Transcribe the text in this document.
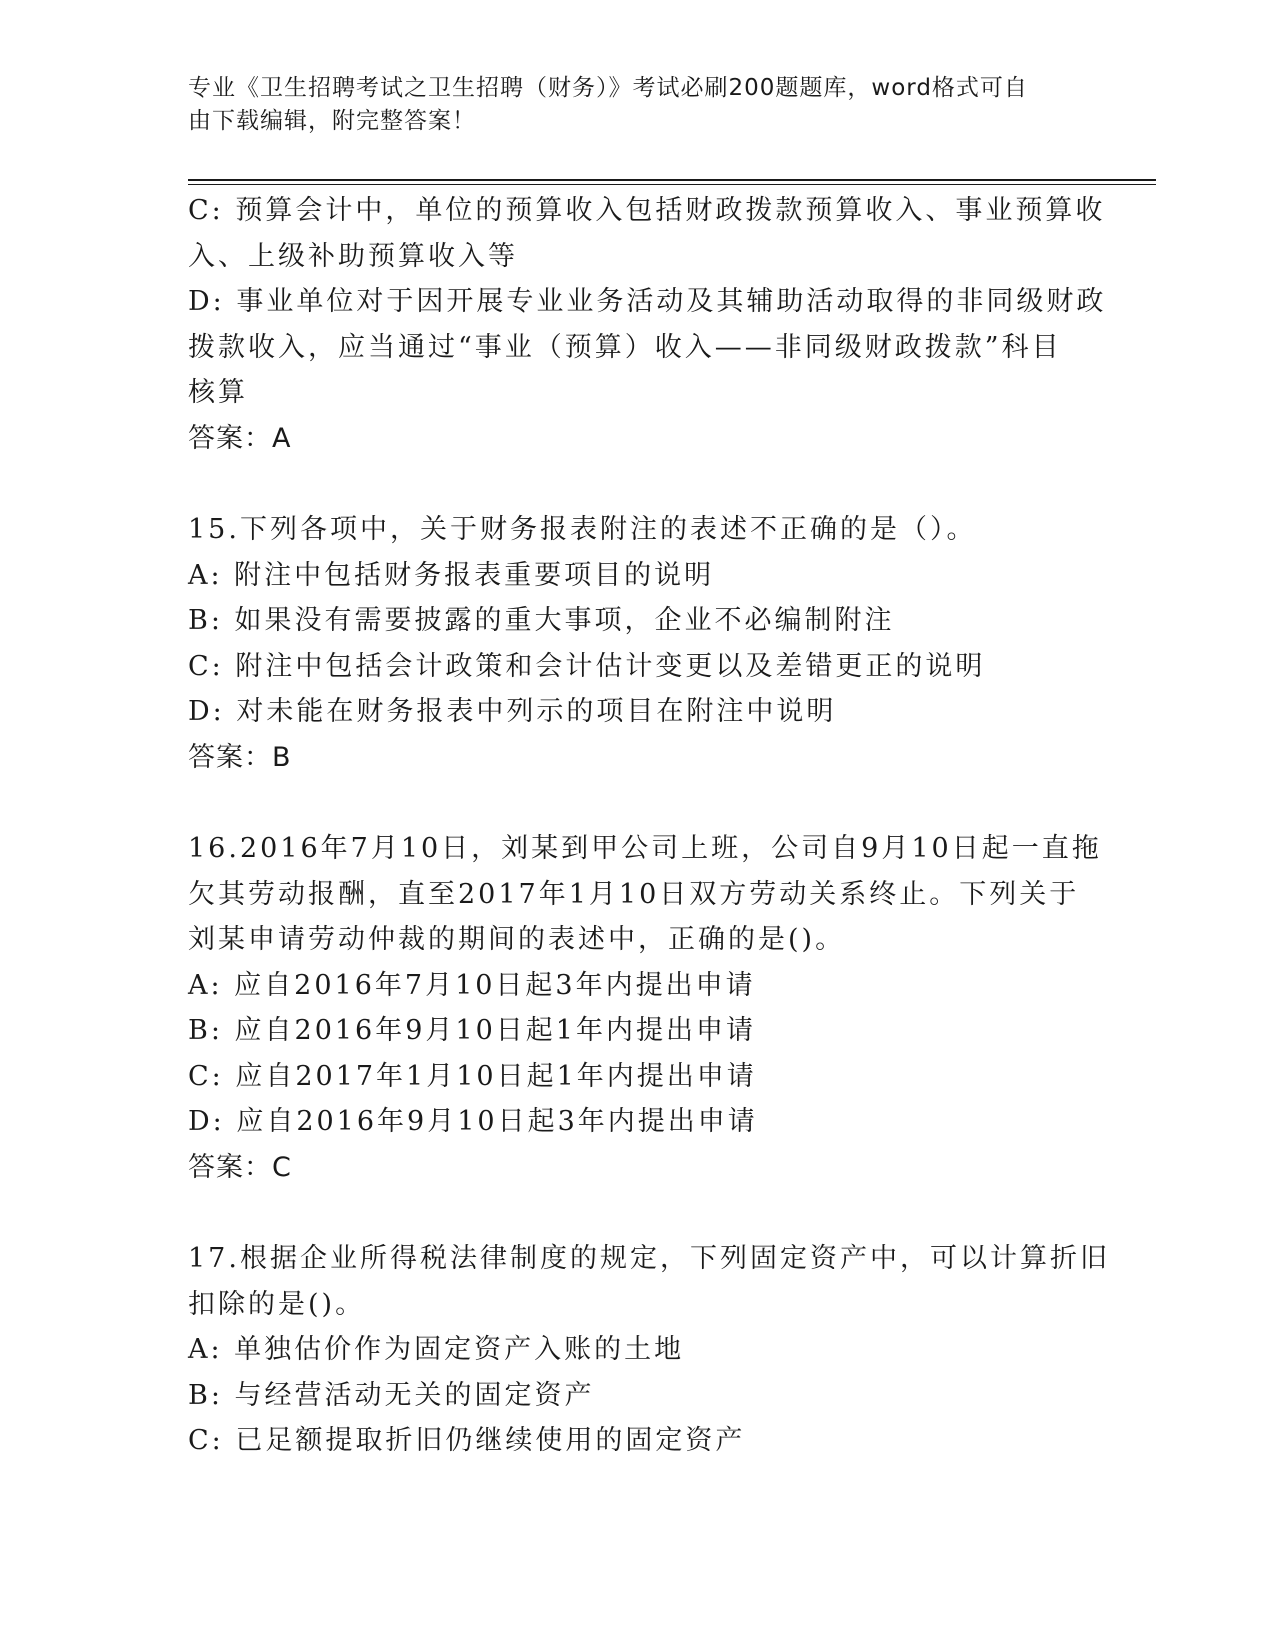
专业《卫生招聘考试之卫生招聘（财务）》考试必刷200题题库，word格式可自
由下载编辑，附完整答案！
C: 预算会计中，单位的预算收入包括财政拨款预算收入、事业预算收
入、上级补助预算收入等
D: 事业单位对于因开展专业业务活动及其辅助活动取得的非同级财政
拨款收入，应当通过“事业（预算）收入——非同级财政拨款”科目
核算
答案：A
15.下列各项中，关于财务报表附注的表述不正确的是（）。
A: 附注中包括财务报表重要项目的说明
B: 如果没有需要披露的重大事项，企业不必编制附注
C: 附注中包括会计政策和会计估计变更以及差错更正的说明
D: 对未能在财务报表中列示的项目在附注中说明
答案：B
16.2016年7月10日，刘某到甲公司上班，公司自9月10日起一直拖
欠其劳动报酬，直至2017年1月10日双方劳动关系终止。下列关于
刘某申请劳动仲裁的期间的表述中，正确的是()。
A: 应自2016年7月10日起3年内提出申请
B: 应自2016年9月10日起1年内提出申请
C: 应自2017年1月10日起1年内提出申请
D: 应自2016年9月10日起3年内提出申请
答案：C
17.根据企业所得税法律制度的规定，下列固定资产中，可以计算折旧
扣除的是()。
A: 单独估价作为固定资产入账的土地
B: 与经营活动无关的固定资产
C: 已足额提取折旧仍继续使用的固定资产
